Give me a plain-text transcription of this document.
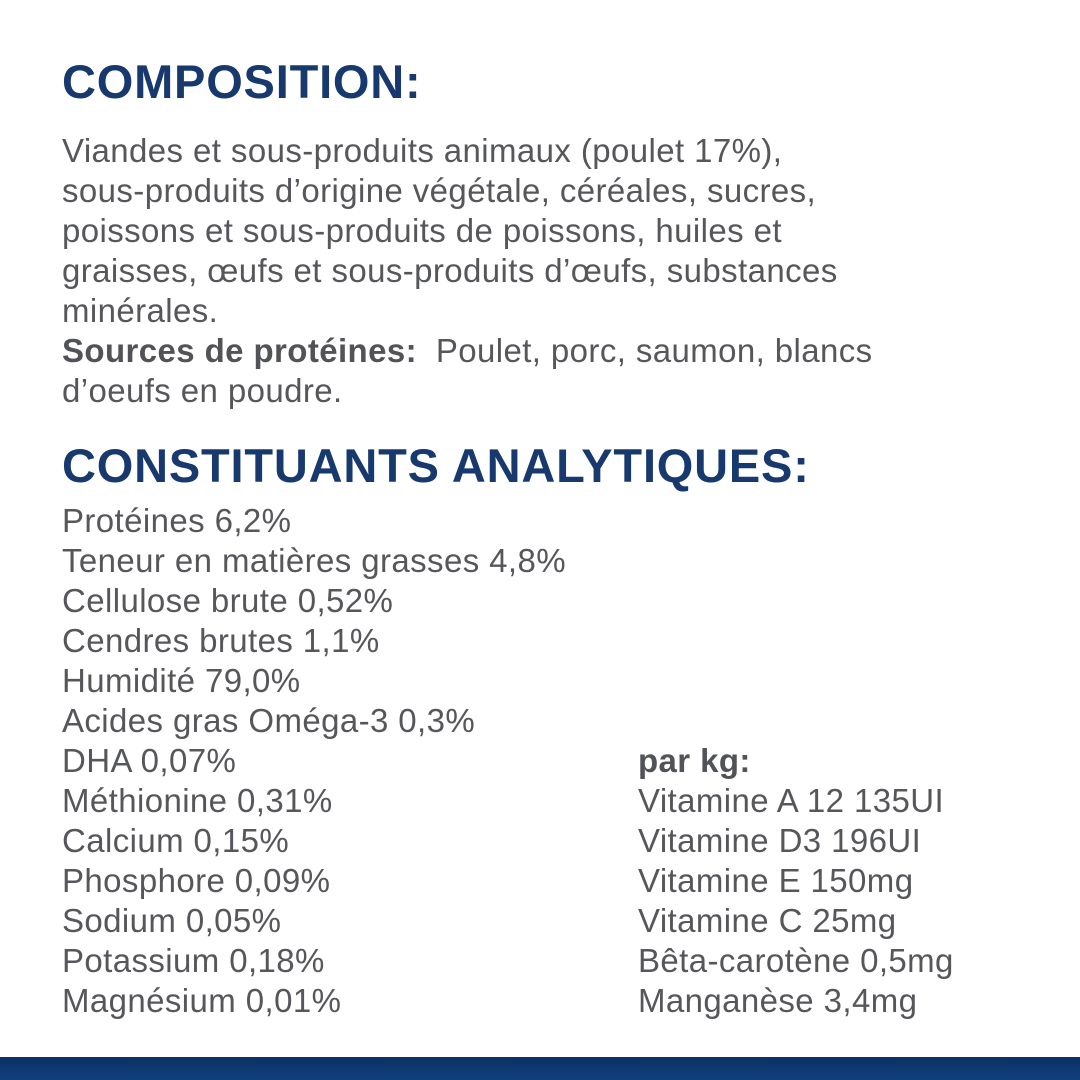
COMPOSITION:
Viandes et sous-produits animaux (poulet 17%),
sous-produits d’origine végétale, céréales, sucres,
poissons et sous-produits de poissons, huiles et
graisses, œufs et sous-produits d’œufs, substances
minérales.
Sources de protéines: Poulet, porc, saumon, blancs
d’oeufs en poudre.
CONSTITUANTS ANALYTIQUES:
Protéines 6,2%
Teneur en matières grasses 4,8%
Cellulose brute 0,52%
Cendres brutes 1,1%
Humidité 79,0%
Acides gras Oméga-3 0,3%
DHA 0,07%
Méthionine 0,31%
Calcium 0,15%
Phosphore 0,09%
Sodium 0,05%
Potassium 0,18%
Magnésium 0,01%
par kg:
Vitamine A 12 135UI
Vitamine D3 196UI
Vitamine E 150mg
Vitamine C 25mg
Bêta-carotène 0,5mg
Manganèse 3,4mg
